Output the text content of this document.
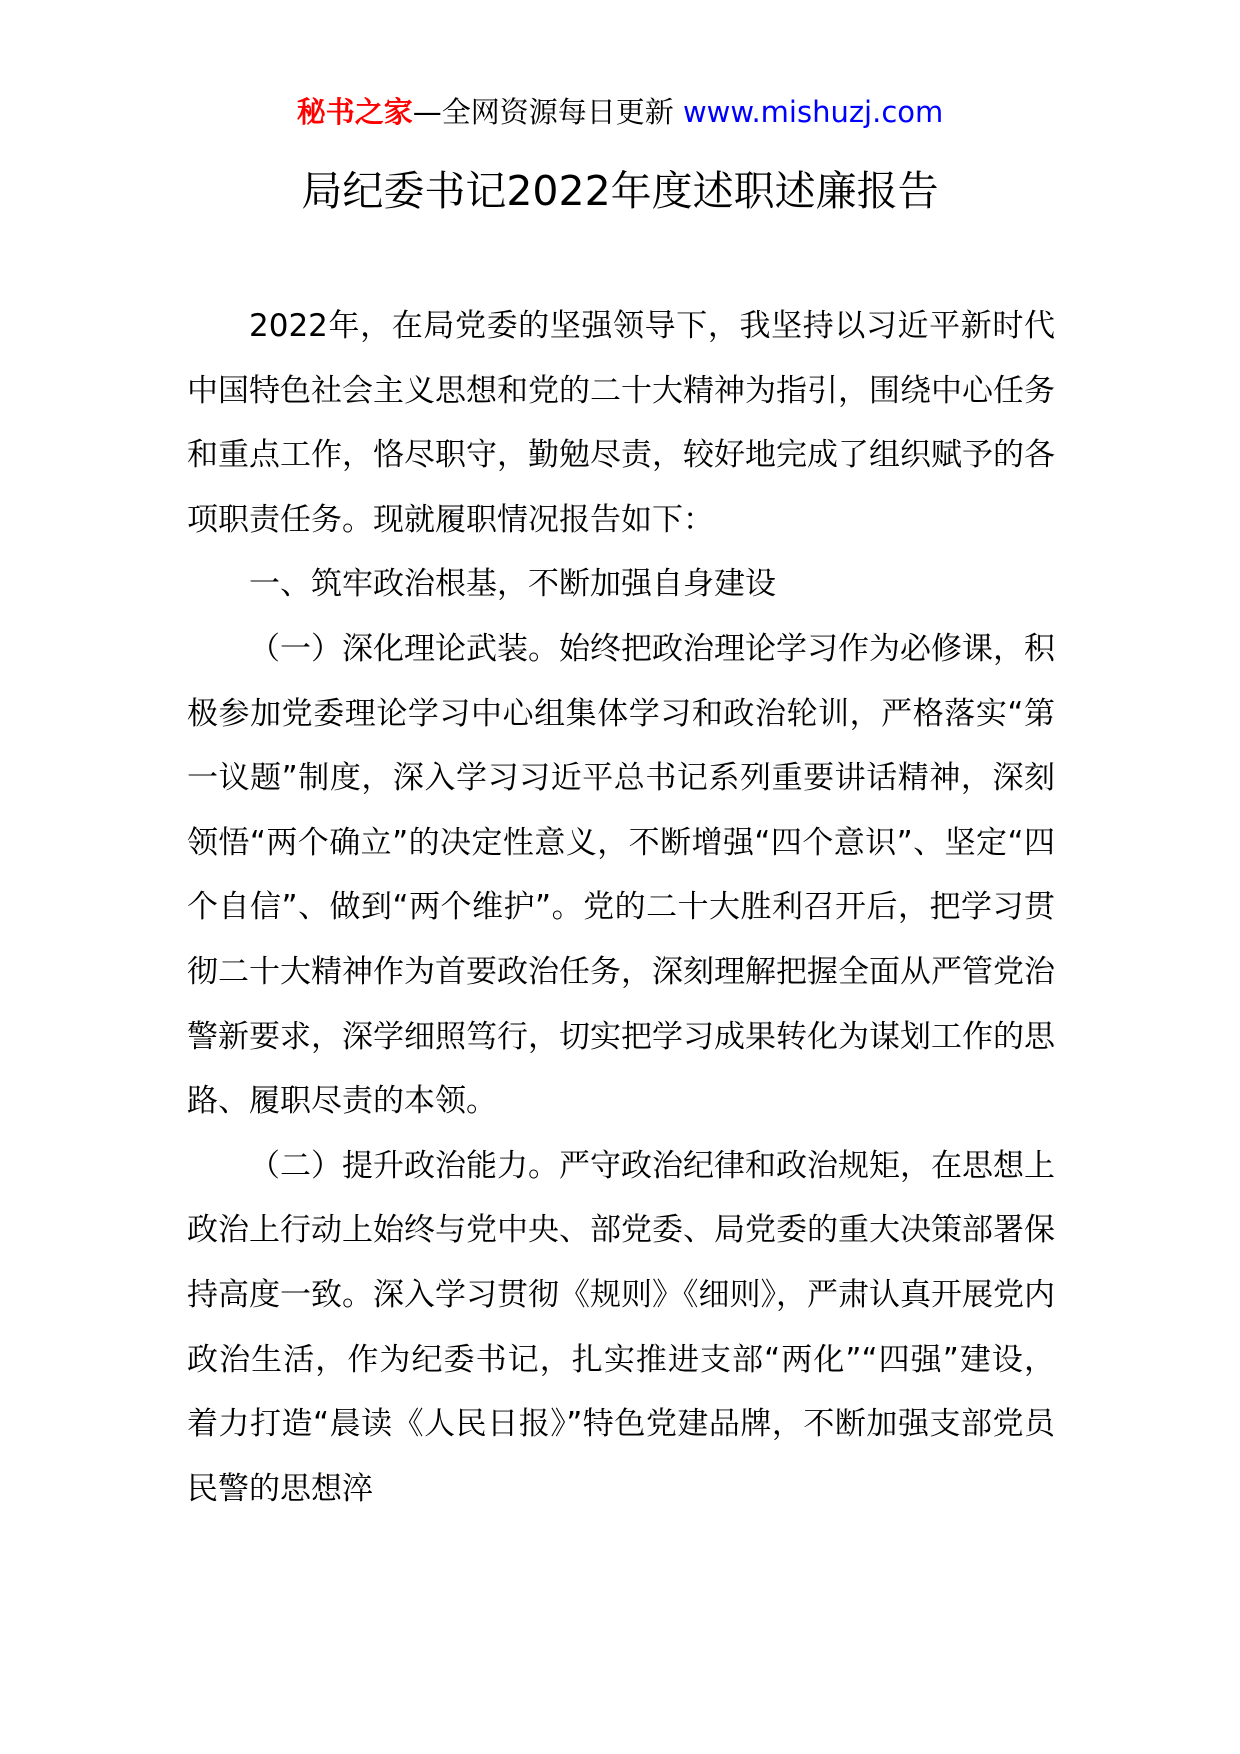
秘书之家—全网资源每日更新 www.mishuzj.com
局纪委书记2022年度述职述廉报告

2022年，在局党委的坚强领导下，我坚持以习近平新时代中国特色社会主义思想和党的二十大精神为指引，围绕中心任务和重点工作，恪尽职守，勤勉尽责，较好地完成了组织赋予的各项职责任务。现就履职情况报告如下：

一、筑牢政治根基，不断加强自身建设

（一）深化理论武装。始终把政治理论学习作为必修课，积极参加党委理论学习中心组集体学习和政治轮训，严格落实“第一议题”制度，深入学习习近平总书记系列重要讲话精神，深刻领悟“两个确立”的决定性意义，不断增强“四个意识”、坚定“四个自信”、做到“两个维护”。党的二十大胜利召开后，把学习贯彻二十大精神作为首要政治任务，深刻理解把握全面从严管党治警新要求，深学细照笃行，切实把学习成果转化为谋划工作的思路、履职尽责的本领。

（二）提升政治能力。严守政治纪律和政治规矩，在思想上政治上行动上始终与党中央、部党委、局党委的重大决策部署保持高度一致。深入学习贯彻《规则》《细则》，严肃认真开展党内政治生活，作为纪委书记，扎实推进支部“两化”“四强”建设，着力打造“晨读《人民日报》”特色党建品牌，不断加强支部党员民警的思想淬
